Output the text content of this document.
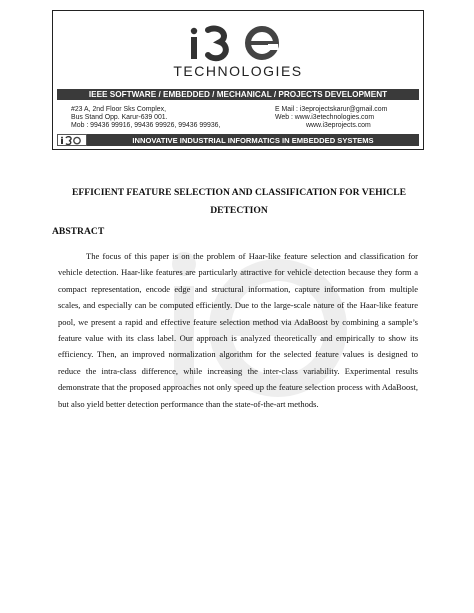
TECHNOLOGIES
IEEE SOFTWARE / EMBEDDED / MECHANICAL / PROJECTS DEVELOPMENT
#23 A, 2nd Floor Sks Complex,
Bus Stand Opp. Karur-639 001.
Mob : 99436 99916, 99436 99926, 99436 99936,
E Mail : i3eprojectskarur@gmail.com
Web : www.i3etechnologies.com
www.i3eprojects.com
INNOVATIVE INDUSTRIAL INFORMATICS IN EMBEDDED SYSTEMS
EFFICIENT FEATURE SELECTION AND CLASSIFICATION FOR VEHICLE
DETECTION
ABSTRACT

The focus of this paper is on the problem of Haar-like feature selection and classification for vehicle detection. Haar-like features are particularly attractive for vehicle detection because they form a compact representation, encode edge and structural information, capture information from multiple scales, and especially can be computed efficiently. Due to the large-scale nature of the Haar-like feature pool, we present a rapid and effective feature selection method via AdaBoost by combining a sample’s feature value with its class label. Our approach is analyzed theoretically and empirically to show its efficiency. Then, an improved normalization algorithm for the selected feature values is designed to reduce the intra-class difference, while increasing the inter-class variability. Experimental results demonstrate that the proposed approaches not only speed up the feature selection process with AdaBoost, but also yield better detection performance than the state-of-the-art methods.
